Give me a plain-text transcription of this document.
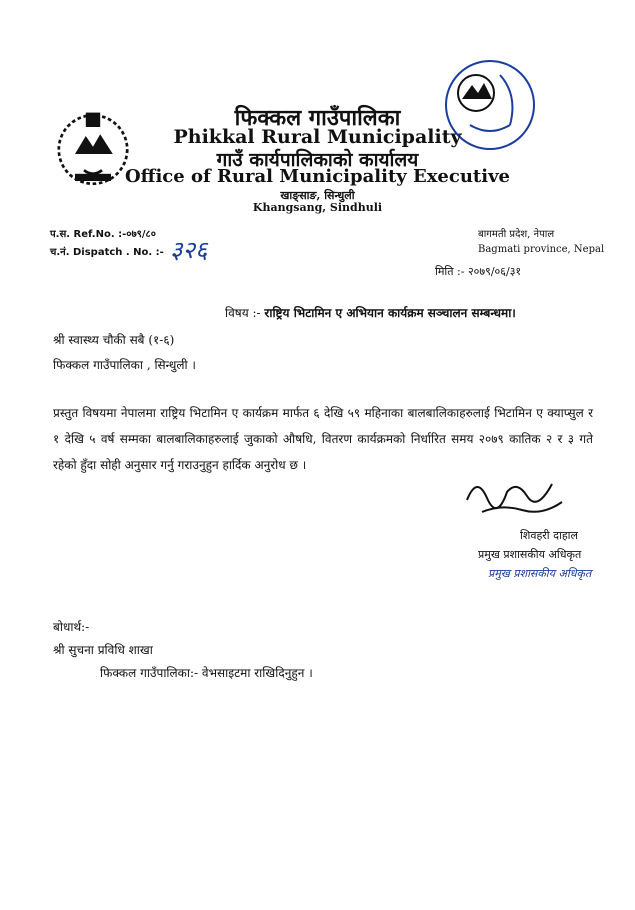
फिक्कल गाउँपालिका
Phikkal Rural Municipality
गाउँ कार्यपालिकाको कार्यालय
Office of Rural Municipality Executive
खाङ्साङ, सिन्धुली
Khangsang, Sindhuli
प.स. Ref.No. :-०७९/८०
च.नं. Dispatch . No. :- ३२६
बागमती प्रदेश, नेपाल
Bagmati province, Nepal
मिति :- २०७९/०६/३१
विषय :- राष्ट्रिय भिटामिन ए अभियान कार्यक्रम सञ्चालन सम्बन्धमा।
श्री स्वास्थ्य चौकी सबै (१-६)
फिक्कल गाउँपालिका , सिन्धुली ।
प्रस्तुत विषयमा नेपालमा राष्ट्रिय भिटामिन ए कार्यक्रम मार्फत ६ देखि ५९ महिनाका बालबालिकाहरुलाई भिटामिन ए क्याप्सुल र १ देखि ५ वर्ष सम्मका बालबालिकाहरुलाई जुकाको औषधि, वितरण कार्यक्रमको निर्धारित समय २०७९ कातिक २ र ३ गते रहेको हुँदा सोही अनुसार गर्नु गराउनुहुन हार्दिक अनुरोध छ ।
शिवहरी दाहाल
प्रमुख प्रशासकीय अधिकृत
प्रमुख प्रशासकीय अधिकृत
बोधार्थ:-
श्री सुचना प्रविधि शाखा
फिक्कल गाउँपालिका:- वेभसाइटमा राखिदिनुहुन ।
